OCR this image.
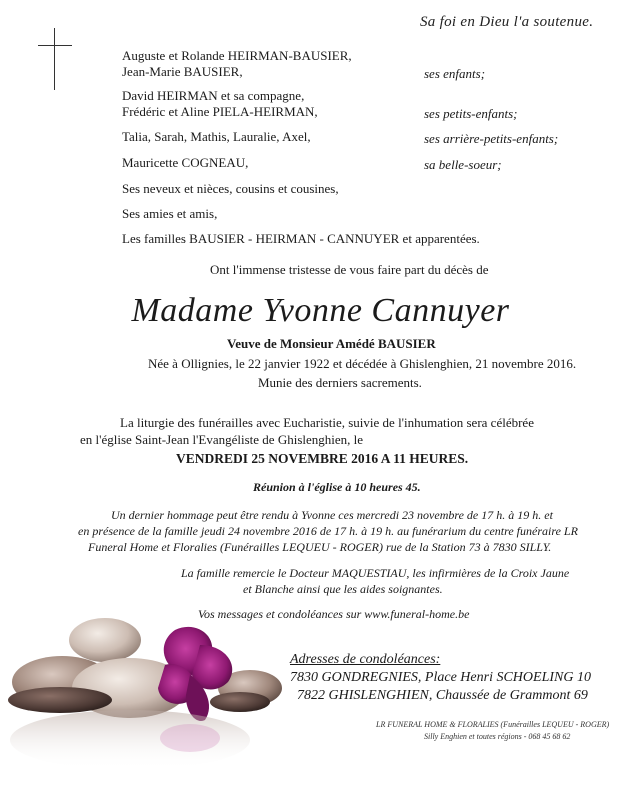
Sa foi en Dieu l'a soutenue.
Auguste et Rolande HEIRMAN-BAUSIER,
Jean-Marie BAUSIER,	ses enfants;
David HEIRMAN et sa compagne,
Frédéric et Aline PIELA-HEIRMAN,	ses petits-enfants;
Talia, Sarah, Mathis, Lauralie, Axel,	ses arrière-petits-enfants;
Mauricette COGNEAU,	sa belle-soeur;
Ses neveux et nièces, cousins et cousines,
Ses amies et amis,
Les familles BAUSIER - HEIRMAN - CANNUYER et apparentées.
Ont l'immense tristesse de vous faire part du décès de
Madame Yvonne Cannuyer
Veuve de Monsieur Amédé BAUSIER
Née à Ollignies, le 22 janvier 1922 et décédée à Ghislenghien, 21 novembre 2016.
Munie des derniers sacrements.
La liturgie des funérailles avec Eucharistie, suivie de l'inhumation sera célébrée
en l'église Saint-Jean l'Evangéliste de Ghislenghien, le
VENDREDI 25 NOVEMBRE 2016 A 11 HEURES.
Réunion à l'église à 10 heures 45.
Un dernier hommage peut être rendu à Yvonne ces mercredi 23 novembre de 17 h. à 19 h. et
en présence de la famille jeudi 24 novembre 2016 de 17 h. à 19 h. au funérarium du centre funéraire LR
Funeral Home et Floralies (Funérailles LEQUEU - ROGER) rue de la Station 73 à 7830 SILLY.
La famille remercie le Docteur MAQUESTIAU, les infirmières de la Croix Jaune
et Blanche ainsi que les aides soignantes.
Vos messages et condoléances sur www.funeral-home.be
Adresses de condoléances:
7830 GONDREGNIES, Place Henri SCHOELING 10
7822 GHISLENGHIEN, Chaussée de Grammont 69
LR FUNERAL HOME & FLORALIES (Funérailles LEQUEU - ROGER)
Silly Enghien et toutes régions - 068 45 68 62
